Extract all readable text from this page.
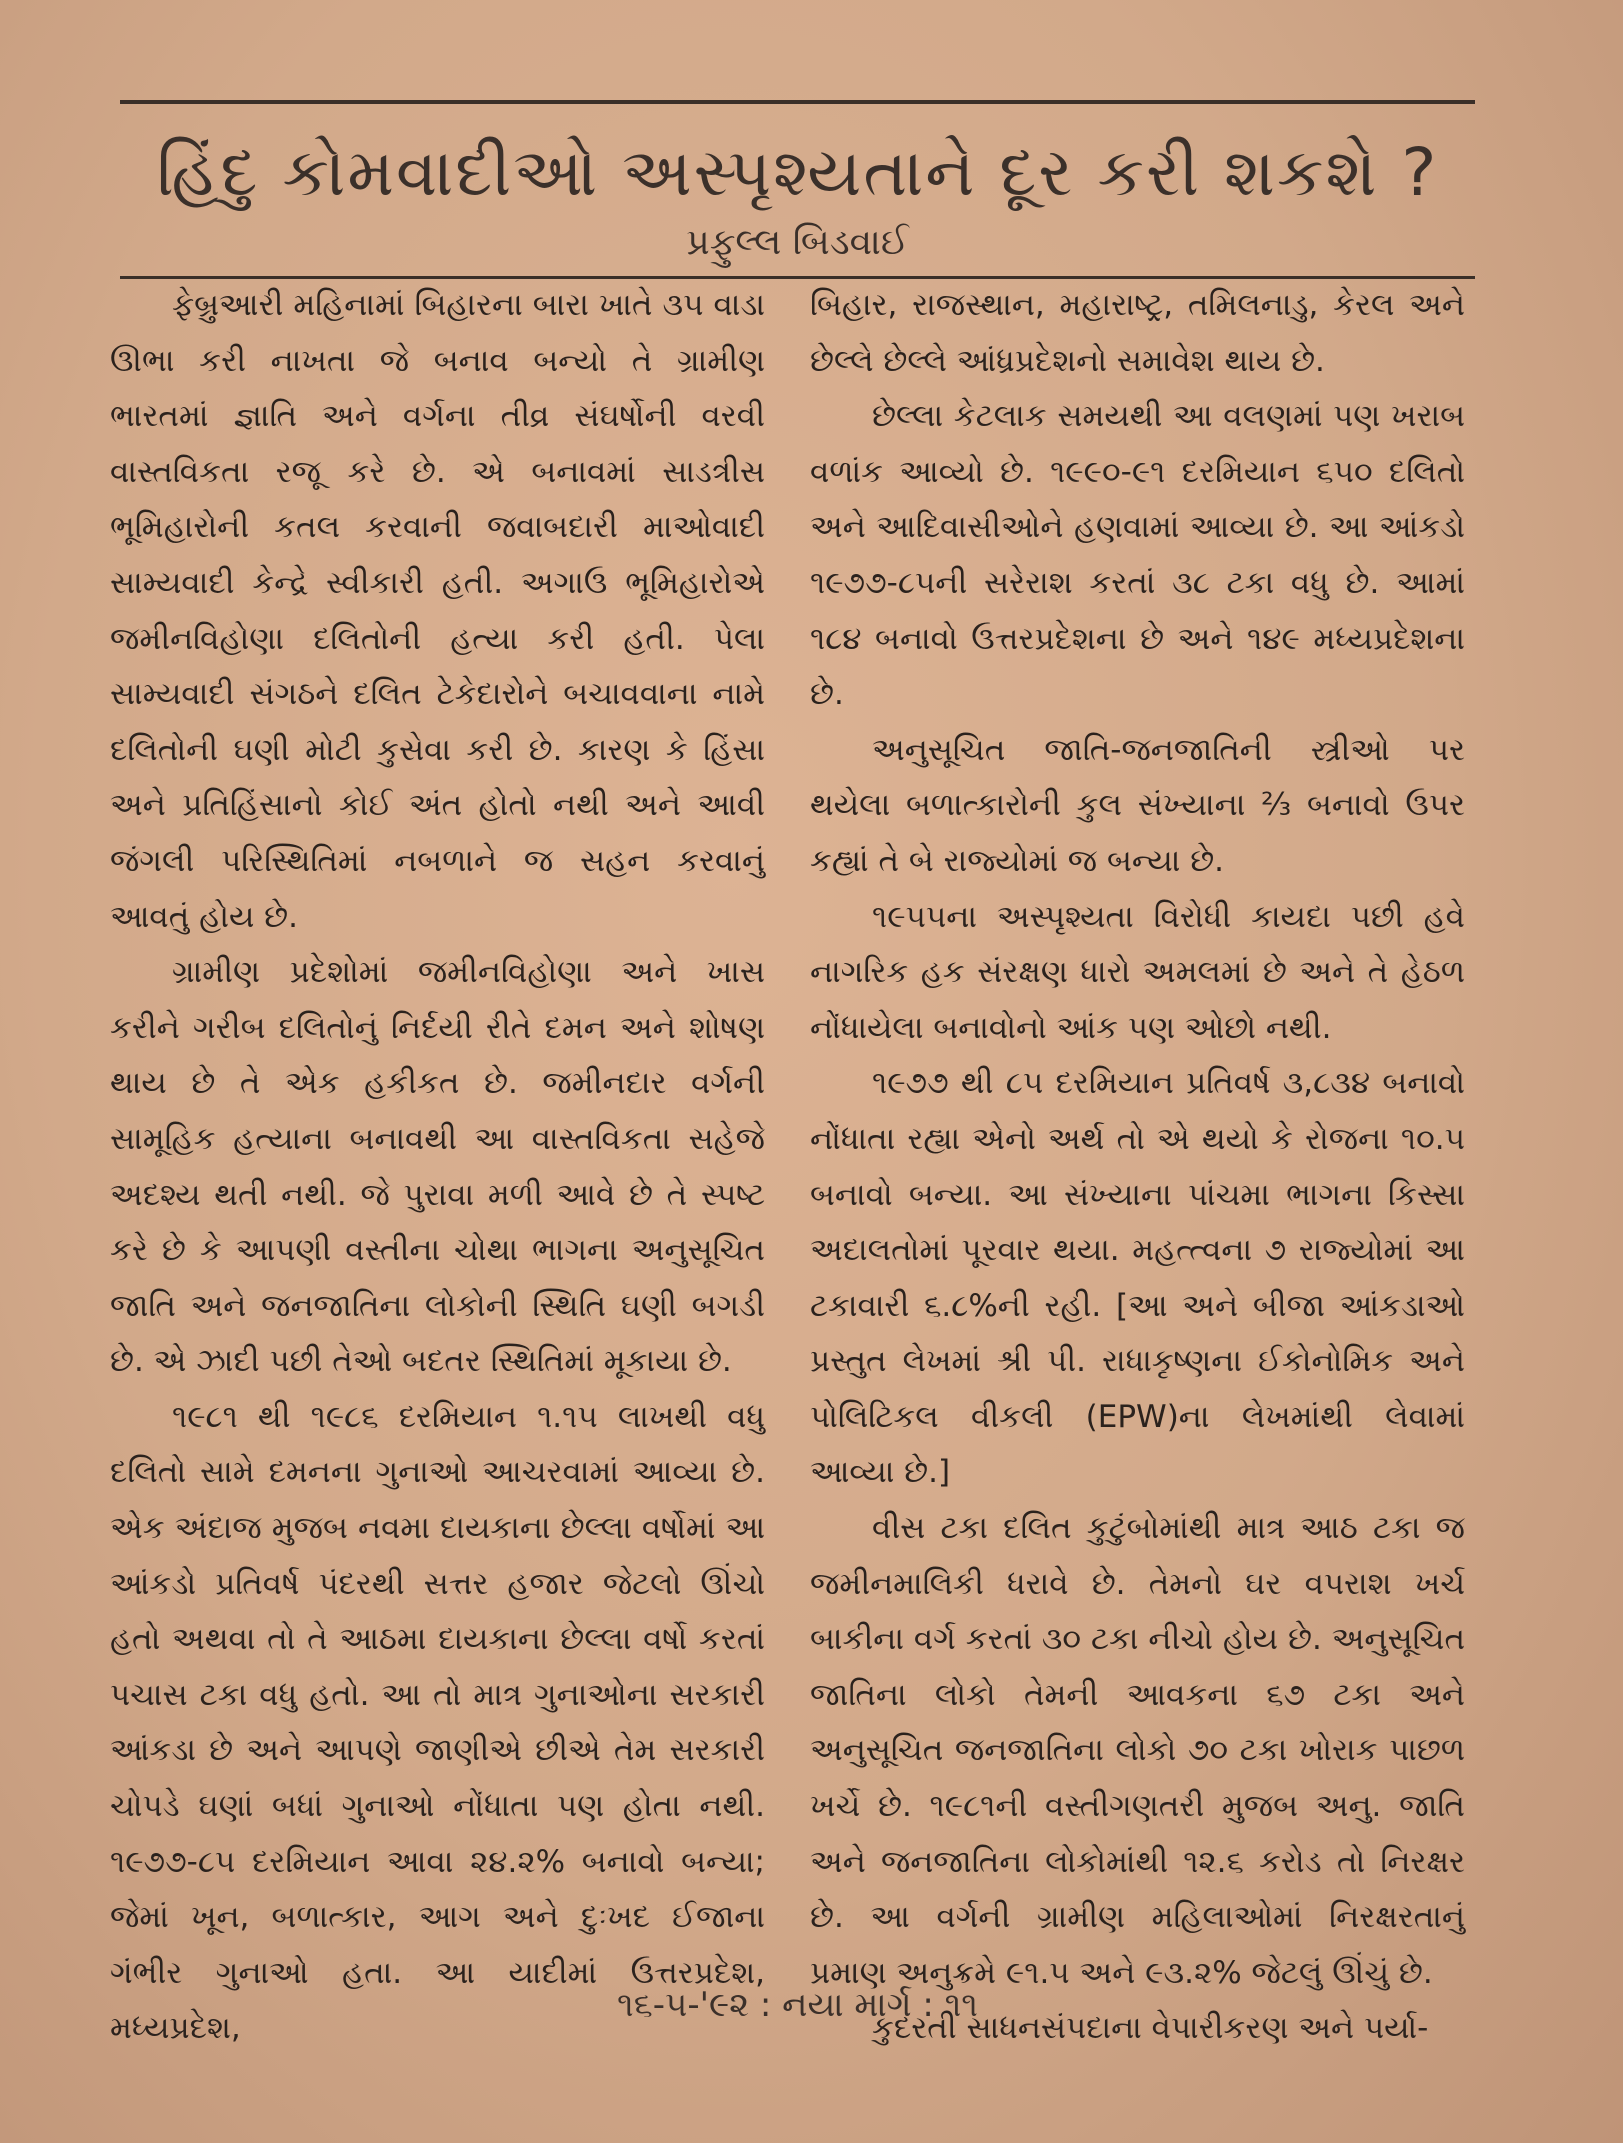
હિંદુ કોમવાદીઓ અસ્પૃશ્યતાને દૂર કરી શકશે ?
પ્રફુલ્લ બિડવાઈ

ફેબ્રુઆરી મહિનામાં બિહારના બારા ખાતે ૩૫ વાડા ઊભા કરી નાખતા જે બનાવ બન્યો તે ગ્રામીણ ભારતમાં જ્ઞાતિ અને વર્ગના તીવ્ર સંઘર્ષોની વરવી વાસ્તવિકતા રજૂ કરે છે. એ બનાવમાં સાડત્રીસ ભૂમિહારોની કતલ કરવાની જવાબદારી માઓવાદી સામ્યવાદી કેન્દ્રે સ્વીકારી હતી. અગાઉ ભૂમિહારોએ જમીનવિહોણા દલિતોની હત્યા કરી હતી. પેલા સામ્યવાદી સંગઠને દલિત ટેકેદારોને બચાવવાના નામે દલિતોની ઘણી મોટી કુસેવા કરી છે. કારણ કે હિંસા અને પ્રતિહિંસાનો કોઈ અંત હોતો નથી અને આવી જંગલી પરિસ્થિતિમાં નબળાને જ સહન કરવાનું આવતું હોય છે.

ગ્રામીણ પ્રદેશોમાં જમીનવિહોણા અને ખાસ કરીને ગરીબ દલિતોનું નિર્દયી રીતે દમન અને શોષણ થાય છે તે એક હકીકત છે. જમીનદાર વર્ગની સામૂહિક હત્યાના બનાવથી આ વાસ્તવિકતા સહેજે અદશ્ય થતી નથી. જે પુરાવા મળી આવે છે તે સ્પષ્ટ કરે છે કે આપણી વસ્તીના ચોથા ભાગના અનુસૂચિત જાતિ અને જનજાતિના લોકોની સ્થિતિ ઘણી બગડી છે. એ ઝાદી પછી તેઓ બદતર સ્થિતિમાં મૂકાયા છે.

૧૯૮૧ થી ૧૯૮૬ દરમિયાન ૧.૧૫ લાખથી વધુ દલિતો સામે દમનના ગુનાઓ આચરવામાં આવ્યા છે. એક અંદાજ મુજબ નવમા દાયકાના છેલ્લા વર્ષોમાં આ આંકડો પ્રતિવર્ષ પંદરથી સત્તર હજાર જેટલો ઊંચો હતો અથવા તો તે આઠમા દાયકાના છેલ્લા વર્ષો કરતાં પચાસ ટકા વધુ હતો. આ તો માત્ર ગુનાઓના સરકારી આંકડા છે અને આપણે જાણીએ છીએ તેમ સરકારી ચોપડે ઘણાં બધાં ગુનાઓ નોંધાતા પણ હોતા નથી. ૧૯૭૭-૮૫ દરમિયાન આવા ૨૪.૨% બનાવો બન્યા; જેમાં ખૂન, બળાત્કાર, આગ અને દુઃખદ ઈજાના ગંભીર ગુનાઓ હતા. આ યાદીમાં ઉત્તરપ્રદેશ, મધ્યપ્રદેશ,

બિહાર, રાજસ્થાન, મહારાષ્ટ્ર, તમિલનાડુ, કેરલ અને છેલ્લે છેલ્લે આંધ્રપ્રદેશનો સમાવેશ થાય છે.

છેલ્લા કેટલાક સમયથી આ વલણમાં પણ ખરાબ વળાંક આવ્યો છે. ૧૯૯૦-૯૧ દરમિયાન ૬૫૦ દલિતો અને આદિવાસીઓને હણવામાં આવ્યા છે. આ આંકડો ૧૯૭૭-૮૫ની સરેરાશ કરતાં ૩૮ ટકા વધુ છે. આમાં ૧૮૪ બનાવો ઉત્તરપ્રદેશના છે અને ૧૪૯ મધ્યપ્રદેશના છે.

અનુસૂચિત જાતિ-જનજાતિની સ્ત્રીઓ પર થયેલા બળાત્કારોની કુલ સંખ્યાના ⅔ બનાવો ઉપર કહ્યાં તે બે રાજ્યોમાં જ બન્યા છે.

૧૯૫૫ના અસ્પૃશ્યતા વિરોધી કાયદા પછી હવે નાગરિક હક સંરક્ષણ ધારો અમલમાં છે અને તે હેઠળ નોંધાયેલા બનાવોનો આંક પણ ઓછો નથી.

૧૯૭૭ થી ૮૫ દરમિયાન પ્રતિવર્ષ ૩,૮૩૪ બનાવો નોંધાતા રહ્યા એનો અર્થ તો એ થયો કે રોજના ૧૦.૫ બનાવો બન્યા. આ સંખ્યાના પાંચમા ભાગના કિસ્સા અદાલતોમાં પૂરવાર થયા. મહત્ત્વના ૭ રાજ્યોમાં આ ટકાવારી ૬.૮%ની રહી. [આ અને બીજા આંકડાઓ પ્રસ્તુત લેખમાં શ્રી પી. રાધાકૃષ્ણના ઈકોનોમિક અને પોલિટિકલ વીકલી (EPW)ના લેખમાંથી લેવામાં આવ્યા છે.]

વીસ ટકા દલિત કુટુંબોમાંથી માત્ર આઠ ટકા જ જમીનમાલિકી ધરાવે છે. તેમનો ઘર વપરાશ ખર્ચ બાકીના વર્ગ કરતાં ૩૦ ટકા નીચો હોય છે. અનુસૂચિત જાતિના લોકો તેમની આવકના ૬૭ ટકા અને અનુસૂચિત જનજાતિના લોકો ૭૦ ટકા ખોરાક પાછળ ખર્ચે છે. ૧૯૮૧ની વસ્તીગણતરી મુજબ અનુ. જાતિ અને જનજાતિના લોકોમાંથી ૧૨.૬ કરોડ તો નિરક્ષર છે. આ વર્ગની ગ્રામીણ મહિલાઓમાં નિરક્ષરતાનું પ્રમાણ અનુક્રમે ૯૧.૫ અને ૯૩.૨% જેટલું ઊંચું છે.

કુદરતી સાધનસંપદાના વેપારીકરણ અને પર્યા-

૧૬-૫-'૯૨ : નયા માર્ગ : ૧૧
